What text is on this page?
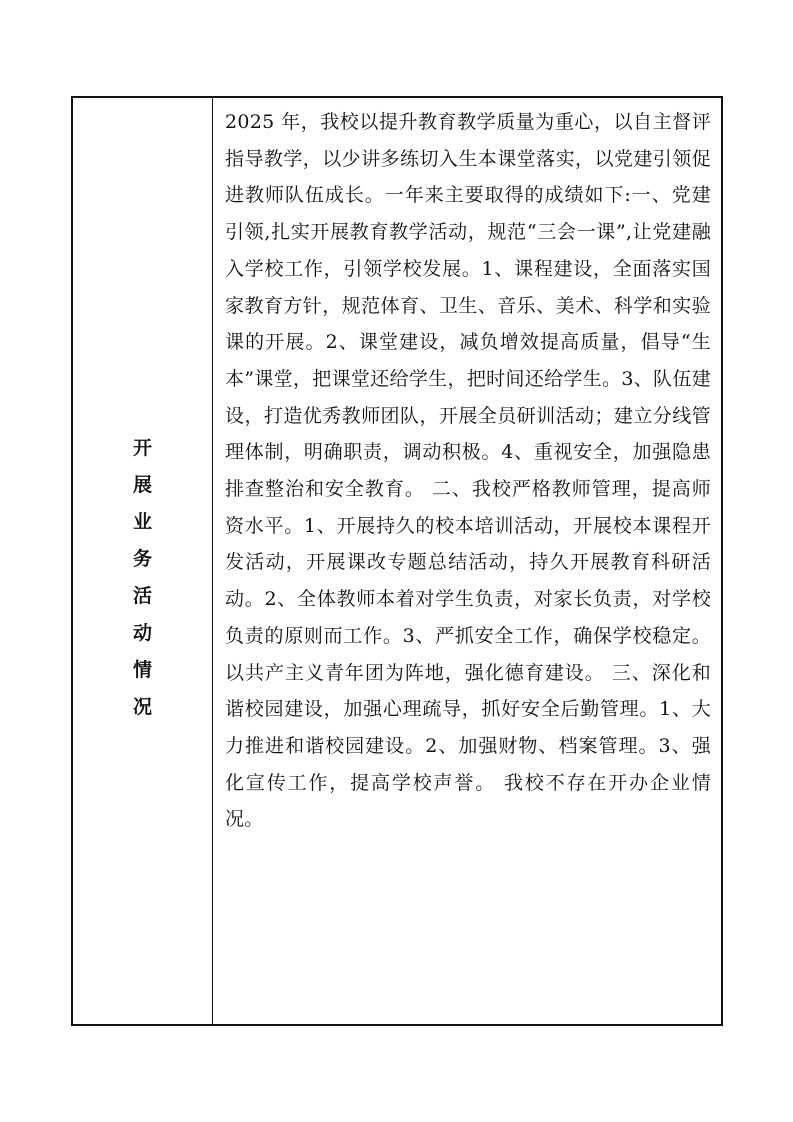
开
展
业
务
活
动
情
况

2025 年，我校以提升教育教学质量为重心，以自主督评指导教学，以少讲多练切入生本课堂落实，以党建引领促进教师队伍成长。一年来主要取得的成绩如下:一、党建引领,扎实开展教育教学活动，规范“三会一课”,让党建融入学校工作，引领学校发展。1、课程建设，全面落实国家教育方针，规范体育、卫生、音乐、美术、科学和实验课的开展。2、课堂建设，减负增效提高质量，倡导“生本”课堂，把课堂还给学生，把时间还给学生。3、队伍建设，打造优秀教师团队，开展全员研训活动；建立分线管理体制，明确职责，调动积极。4、重视安全，加强隐患排查整治和安全教育。 二、我校严格教师管理，提高师资水平。1、开展持久的校本培训活动，开展校本课程开发活动，开展课改专题总结活动，持久开展教育科研活动。2、全体教师本着对学生负责，对家长负责，对学校负责的原则而工作。3、严抓安全工作，确保学校稳定。以共产主义青年团为阵地，强化德育建设。 三、深化和谐校园建设，加强心理疏导，抓好安全后勤管理。1、大力推进和谐校园建设。2、加强财物、档案管理。3、强化宣传工作，提高学校声誉。 我校不存在开办企业情况。
